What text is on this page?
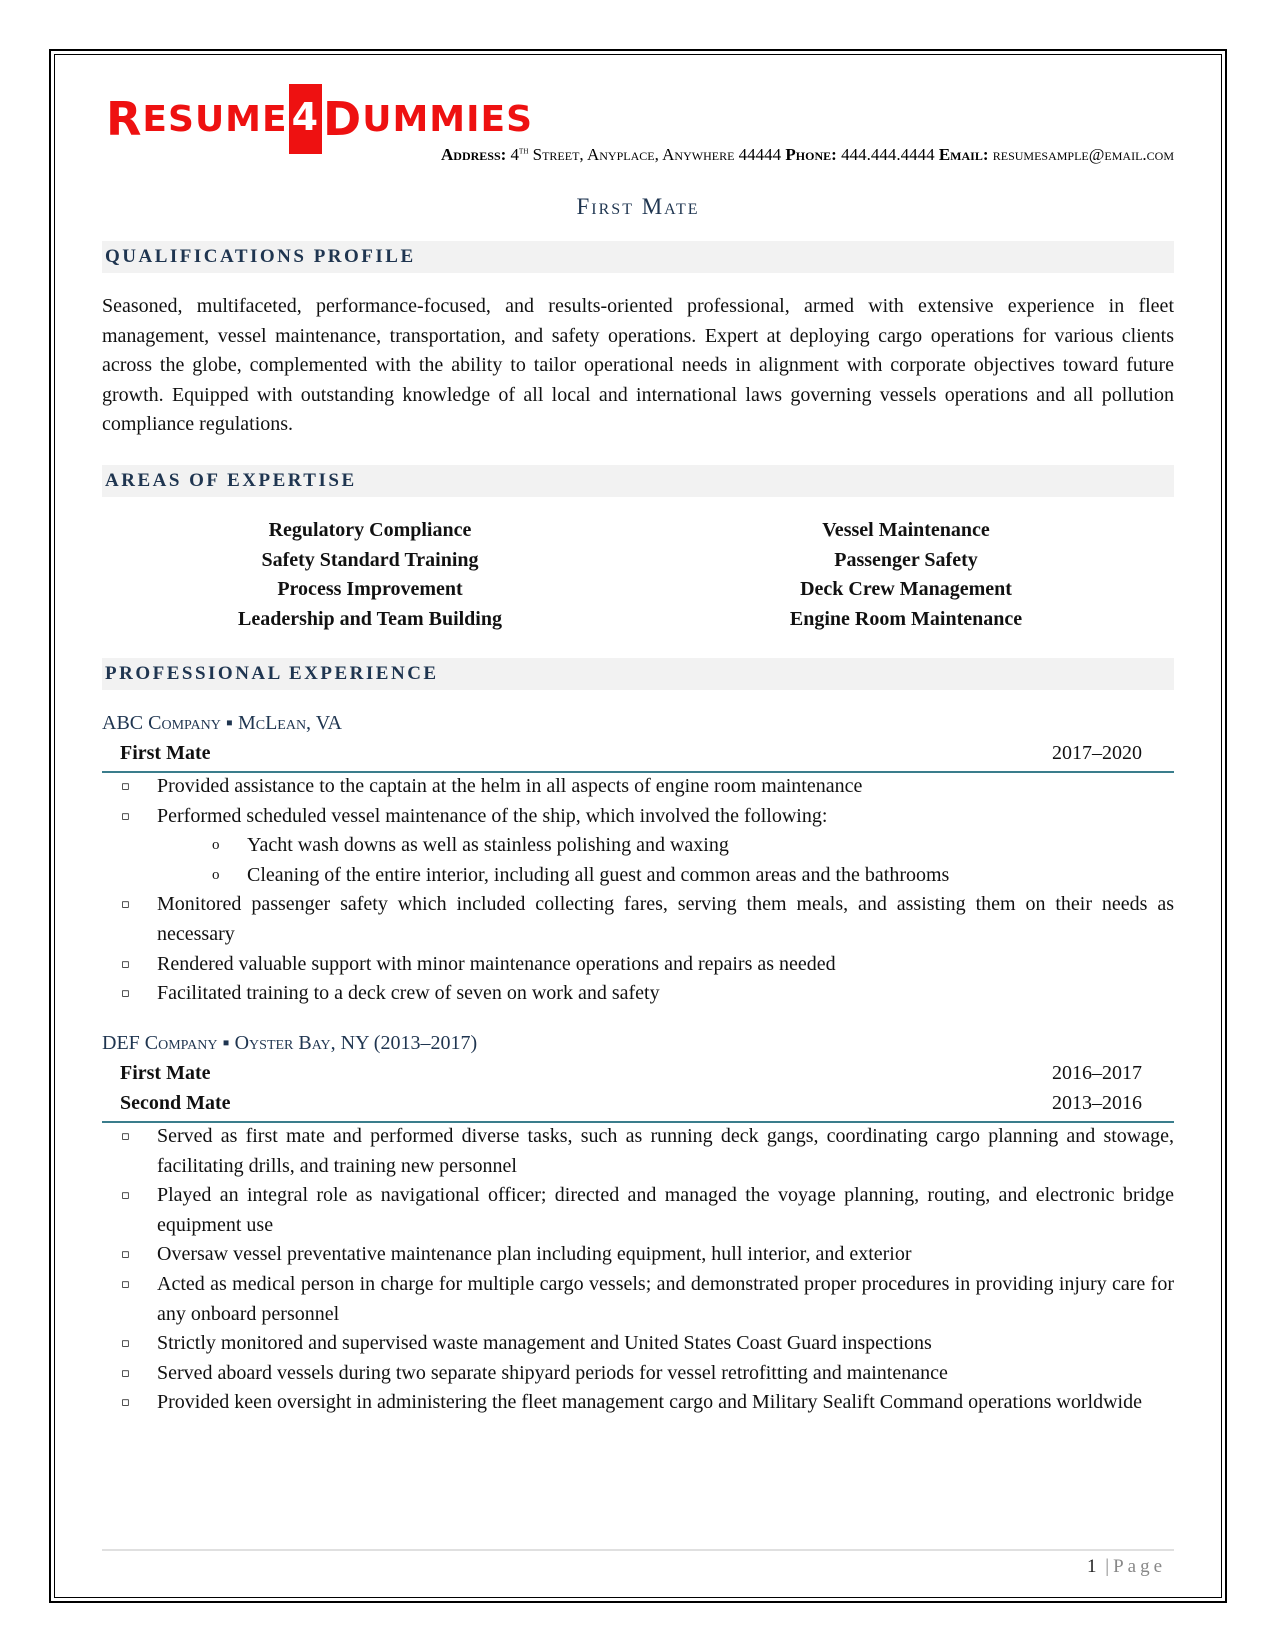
R ESUME 4 D UMMIES
Address: 4th Street, Anyplace, Anywhere 44444 Phone: 444.444.4444 Email: resumesample@email.com
First Mate
QUALIFICATIONS PROFILE
Seasoned, multifaceted, performance-focused, and results-oriented professional, armed with extensive experience in fleet management, vessel maintenance, transportation, and safety operations. Expert at deploying cargo operations for various clients across the globe, complemented with the ability to tailor operational needs in alignment with corporate objectives toward future growth. Equipped with outstanding knowledge of all local and international laws governing vessels operations and all pollution compliance regulations.
AREAS OF EXPERTISE
Regulatory Compliance
Safety Standard Training
Process Improvement
Leadership and Team Building
Vessel Maintenance
Passenger Safety
Deck Crew Management
Engine Room Maintenance
PROFESSIONAL EXPERIENCE
ABC Company ▪ McLean, VA
First Mate	2017–2020
▫ Provided assistance to the captain at the helm in all aspects of engine room maintenance
▫ Performed scheduled vessel maintenance of the ship, which involved the following:
o Yacht wash downs as well as stainless polishing and waxing
o Cleaning of the entire interior, including all guest and common areas and the bathrooms
▫ Monitored passenger safety which included collecting fares, serving them meals, and assisting them on their needs as necessary
▫ Rendered valuable support with minor maintenance operations and repairs as needed
▫ Facilitated training to a deck crew of seven on work and safety
DEF Company ▪ Oyster Bay, NY (2013–2017)
First Mate	2016–2017
Second Mate	2013–2016
▫ Served as first mate and performed diverse tasks, such as running deck gangs, coordinating cargo planning and stowage, facilitating drills, and training new personnel
▫ Played an integral role as navigational officer; directed and managed the voyage planning, routing, and electronic bridge equipment use
▫ Oversaw vessel preventative maintenance plan including equipment, hull interior, and exterior
▫ Acted as medical person in charge for multiple cargo vessels; and demonstrated proper procedures in providing injury care for any onboard personnel
▫ Strictly monitored and supervised waste management and United States Coast Guard inspections
▫ Served aboard vessels during two separate shipyard periods for vessel retrofitting and maintenance
▫ Provided keen oversight in administering the fleet management cargo and Military Sealift Command operations worldwide
1 |Page
